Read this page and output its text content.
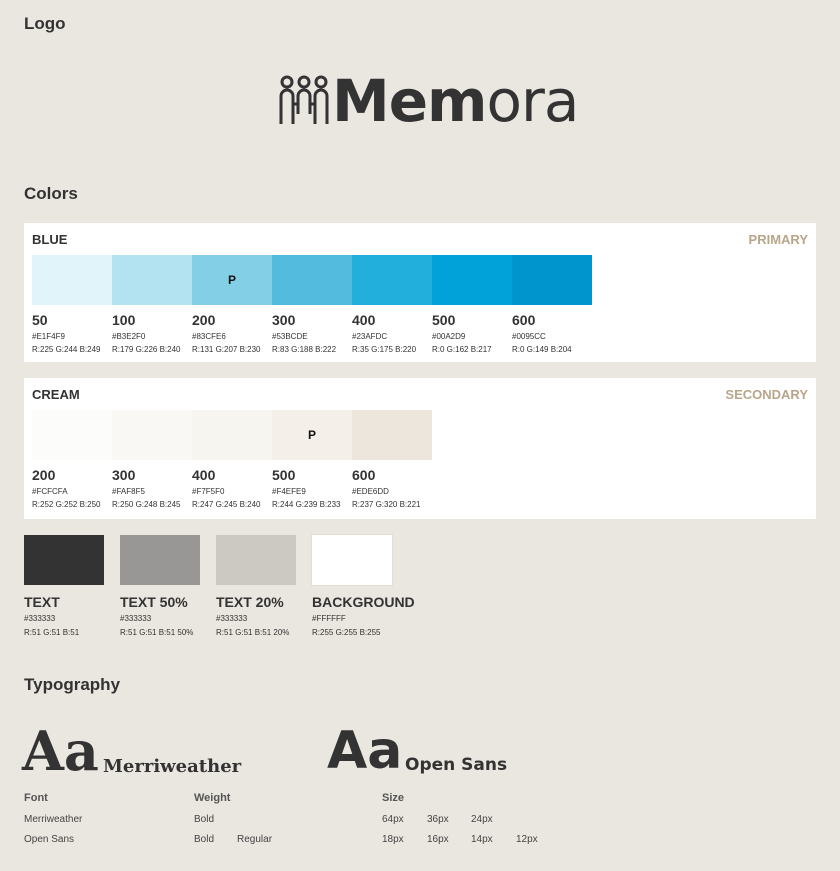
Logo
Memora
Colors
BLUE	PRIMARY
50
#E1F4F9
R:225 G:244 B:249
100
#B3E2F0
R:179 G:226 B:240
P
200
#83CFE6
R:131 G:207 B:230
300
#53BCDE
R:83 G:188 B:222
400
#23AFDC
R:35 G:175 B:220
500
#00A2D9
R:0 G:162 B:217
600
#0095CC
R:0 G:149 B:204
CREAM	SECONDARY
200
#FCFCFA
R:252 G:252 B:250
300
#FAF8F5
R:250 G:248 B:245
400
#F7F5F0
R:247 G:245 B:240
P
500
#F4EFE9
R:244 G:239 B:233
600
#EDE6DD
R:237 G:320 B:221
TEXT
#333333
R:51 G:51 B:51
TEXT 50%
#333333
R:51 G:51 B:51 50%
TEXT 20%
#333333
R:51 G:51 B:51 20%
BACKGROUND
#FFFFFF
R:255 G:255 B:255
Typography
Aa Merriweather Aa Open Sans
Font	Weight	Size
Merriweather	Bold	64px 36px 24px
Open Sans	Bold Regular	18px 16px 14px 12px
